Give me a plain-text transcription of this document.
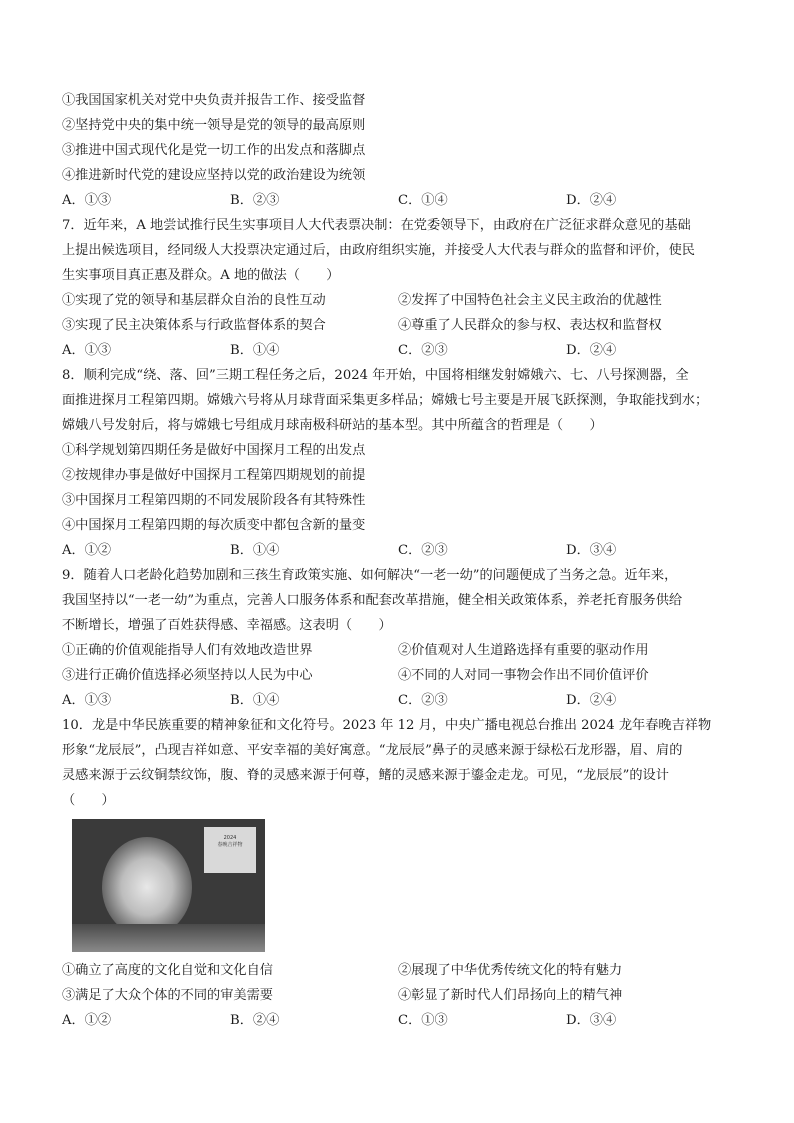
①我国国家机关对党中央负责并报告工作、接受监督
②坚持党中央的集中统一领导是党的领导的最高原则
③推进中国式现代化是党一切工作的出发点和落脚点
④推进新时代党的建设应坚持以党的政治建设为统领
A．①③	B．②③	C．①④	D．②④
7．近年来，A 地尝试推行民生实事项目人大代表票决制：在党委领导下，由政府在广泛征求群众意见的基础
上提出候选项目，经同级人大投票决定通过后，由政府组织实施，并接受人大代表与群众的监督和评价，使民
生实事项目真正惠及群众。A 地的做法（　　）
①实现了党的领导和基层群众自治的良性互动	②发挥了中国特色社会主义民主政治的优越性
③实现了民主决策体系与行政监督体系的契合	④尊重了人民群众的参与权、表达权和监督权
A．①③	B．①④	C．②③	D．②④
8．顺利完成“绕、落、回”三期工程任务之后，2024 年开始，中国将相继发射嫦娥六、七、八号探测器，全
面推进探月工程第四期。嫦娥六号将从月球背面采集更多样品；嫦娥七号主要是开展飞跃探测，争取能找到水；
嫦娥八号发射后，将与嫦娥七号组成月球南极科研站的基本型。其中所蕴含的哲理是（　　）
①科学规划第四期任务是做好中国探月工程的出发点
②按规律办事是做好中国探月工程第四期规划的前提
③中国探月工程第四期的不同发展阶段各有其特殊性
④中国探月工程第四期的每次质变中都包含新的量变
A．①②	B．①④	C．②③	D．③④
9．随着人口老龄化趋势加剧和三孩生育政策实施、如何解决“一老一幼”的问题便成了当务之急。近年来，
我国坚持以“一老一幼”为重点，完善人口服务体系和配套改革措施，健全相关政策体系，养老托育服务供给
不断增长，增强了百姓获得感、幸福感。这表明（　　）
①正确的价值观能指导人们有效地改造世界	②价值观对人生道路选择有重要的驱动作用
③进行正确价值选择必须坚持以人民为中心	④不同的人对同一事物会作出不同价值评价
A．①③	B．①④	C．②③	D．②④
10．龙是中华民族重要的精神象征和文化符号。2023 年 12 月，中央广播电视总台推出 2024 龙年春晚吉祥物
形象“龙辰辰”，凸现吉祥如意、平安幸福的美好寓意。“龙辰辰”鼻子的灵感来源于绿松石龙形器，眉、肩的
灵感来源于云纹铜禁纹饰，腹、脊的灵感来源于何尊，鳍的灵感来源于鎏金走龙。可见，“龙辰辰”的设计
（　　）
2024
春晚吉祥物
①确立了高度的文化自觉和文化自信	②展现了中华优秀传统文化的特有魅力
③满足了大众个体的不同的审美需要	④彰显了新时代人们昂扬向上的精气神
A．①②	B．②④	C．①③	D．③④
